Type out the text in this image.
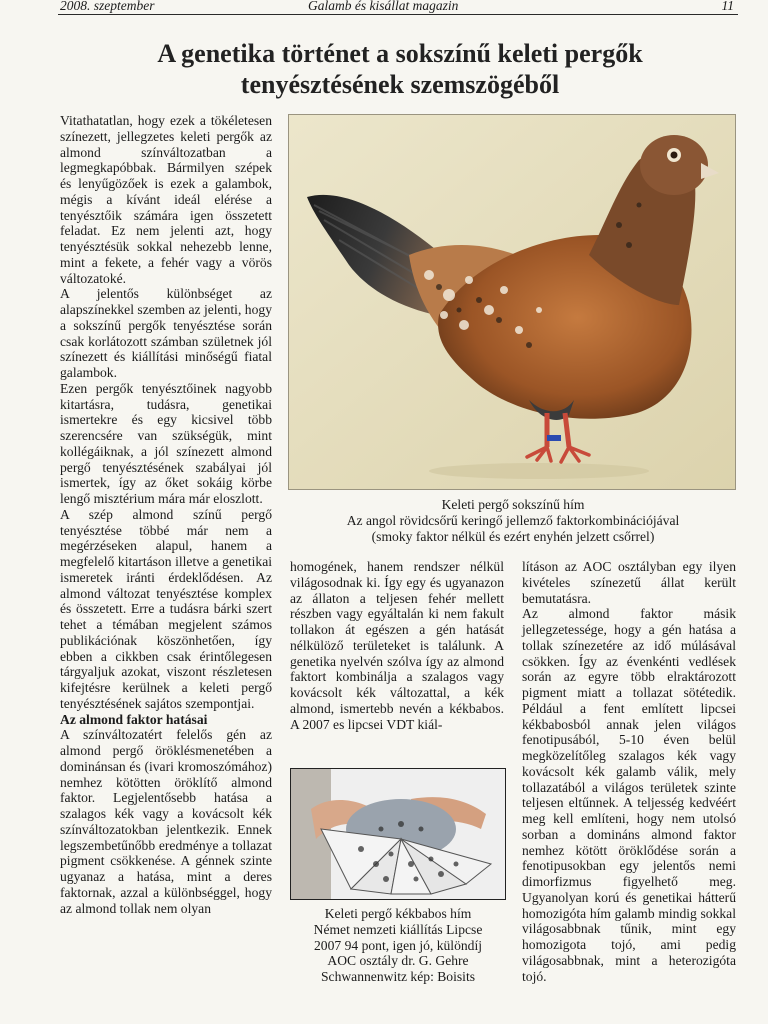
2008. szeptember	Galamb és kisállat magazin	11
A genetika történet a sokszínű keleti pergők
tenyésztésének szemszögéből

Vitathatatlan, hogy ezek a tökéletesen színezett, jellegzetes keleti pergők az almond színváltozatban a legmegkapóbbak. Bármilyen szépek és lenyűgözőek is ezek a galambok, mégis a kívánt ideál elérése a tenyésztőik számára igen összetett feladat. Ez nem jelenti azt, hogy tenyésztésük sokkal nehezebb lenne, mint a fekete, a fehér vagy a vörös változatoké.

A jelentős különbséget az alapszínekkel szemben az jelenti, hogy a sokszínű pergők tenyésztése során csak korlátozott számban születnek jól színezett és kiállítási minőségű fiatal galambok.

Ezen pergők tenyésztőinek nagyobb kitartásra, tudásra, genetikai ismertekre és egy kicsivel több szerencsére van szükségük, mint kollégáiknak, a jól színezett almond pergő tenyésztésének szabályai jól ismertek, így az őket sokáig körbe lengő misztérium mára már eloszlott.

A szép almond színű pergő tenyésztése többé már nem a megérzéseken alapul, hanem a megfelelő kitartáson illetve a genetikai ismeretek iránti érdeklődésen. Az almond változat tenyésztése komplex és összetett. Erre a tudásra bárki szert tehet a témában megjelent számos publikációnak köszönhetően, így ebben a cikkben csak érintőlegesen tárgyaljuk azokat, viszont részletesen kifejtésre kerülnek a keleti pergő tenyésztésének sajátos szempontjai.

Az almond faktor hatásai

A színváltozatért felelős gén az almond pergő öröklésmenetében a dominánsan és (ivari kromoszómához) nemhez kötötten öröklítő almond faktor. Legjelentősebb hatása a szalagos kék vagy a kovácsolt kék színváltozatokban jelentkezik. Ennek legszembetűnőbb eredménye a tollazat pigment csökkenése. A génnek szinte ugyanaz a hatása, mint a deres faktornak, azzal a különbséggel, hogy az almond tollak nem olyan

Keleti pergő sokszínű hím
Az angol rövidcsőrű keringő jellemző faktorkombinációjával
(smoky faktor nélkül és ezért enyhén jelzett csőrrel)

homogének, hanem rendszer nélkül világosodnak ki. Így egy és ugyanazon az állaton a teljesen fehér mellett részben vagy egyáltalán ki nem fakult tollakon át egészen a gén hatását nélkülöző területeket is találunk. A genetika nyelvén szólva így az almond faktort kombinálja a szalagos vagy kovácsolt kék változattal, a kék almond, ismertebb nevén a kékbabos. A 2007 es lipcsei VDT kiál-

Keleti pergő kékbabos hím
Német nemzeti kiállítás Lipcse
2007 94 pont, igen jó, különdíj
AOC osztály dr. G. Gehre
Schwannenwitz kép: Boisits

lításon az AOC osztályban egy ilyen kivételes színezetű állat került bemutatásra.

Az almond faktor másik jellegzetessége, hogy a gén hatása a tollak színezetére az idő múlásával csökken. Így az évenkénti vedlések során az egyre több elraktározott pigment miatt a tollazat sötétedik. Például a fent említett lipcsei kékbabosból annak jelen világos fenotipusából, 5-10 éven belül megközelítőleg szalagos kék vagy kovácsolt kék galamb válik, mely tollazatából a világos területek szinte teljesen eltűnnek. A teljesség kedvéért meg kell említeni, hogy nem utolsó sorban a domináns almond faktor nemhez kötött öröklődése során a fenotipusokban egy jelentős nemi dimorfizmus figyelhető meg. Ugyanolyan korú és genetikai hátterű homozigóta hím galamb mindig sokkal világosabbnak tűnik, mint egy homozigota tojó, ami pedig világosabbnak, mint a heterozigóta tojó.
